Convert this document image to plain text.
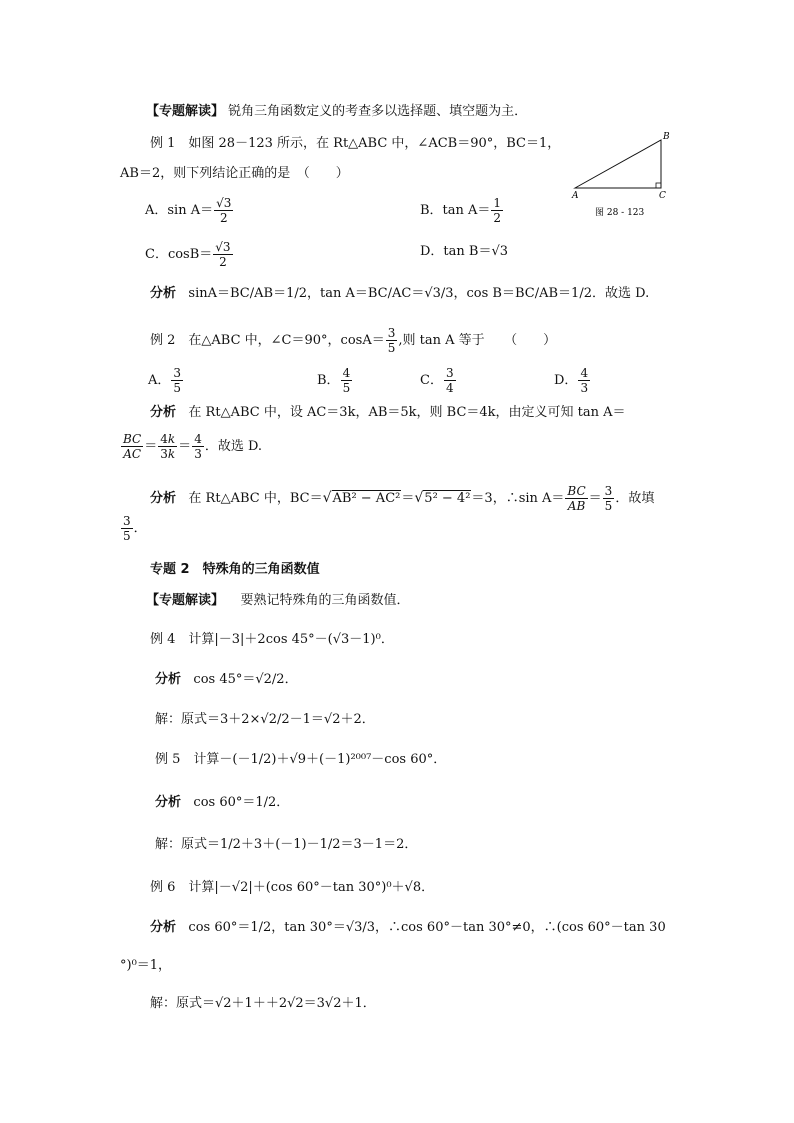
【专题解读】 锐角三角函数定义的考查多以选择题、填空题为主．
例 1　如图 28－123 所示，在 Rt△ABC 中，∠ACB＝90°，BC＝1，
AB＝2，则下列结论正确的是　（　　）
A．$\sin A= \frac{√3}{2}$	B．$\tan A= \frac{1}{2}$
C．$\cos B= \frac{√3}{2}$	D．tan B＝√3
B
A	C
图 28 - 123
分析 sinA＝BC/AB＝1/2，tan A＝BC/AC＝√3/3，cos B＝BC/AB＝1/2．故选 D.
例 2　在△ABC 中，∠C＝90°，$\cos A= \frac{3}{5}$ ,则 tan A 等于　　（　　）
A． $\frac{3}{5}$	B． $\frac{4}{5}$	C． $\frac{3}{4}$	D． $\frac{4}{3}$
分析 在 Rt△ABC 中，设 AC＝3k，AB＝5k，则 BC＝4k，由定义可知 tan A＝
$\frac{BC}{AC} = \frac{4k}{3k} = \frac{4}{3}$ ．故选 D.
分析 在 Rt△ABC 中，BC＝√AB² − AC²＝√5² − 4²＝3，∴sin $A= \frac{BC}{AB} = \frac{3}{5}$ ．故填
$\frac{3}{5}$ ．
专题 2　特殊角的三角函数值
【专题解读】 要熟记特殊角的三角函数值．
例 4　计算|－3|＋2cos 45°－(√3－1)⁰．
分析 cos 45°＝√2/2．
解：原式＝3＋2×√2/2－1＝√2＋2．
例 5　计算－(－1/2)＋√9＋(－1)²⁰⁰⁷－cos 60°．
分析 cos 60°＝1/2．
解：原式＝1/2＋3＋(－1)－1/2＝3－1＝2．
例 6　计算|－√2|＋(cos 60°－tan 30°)⁰＋√8．
分析 cos 60°＝1/2，tan 30°＝√3/3，∴cos 60°－tan 30°≠0，∴(cos 60°－tan 30
°)⁰＝1，
解：原式＝√2＋1＋＋2√2＝3√2＋1．
